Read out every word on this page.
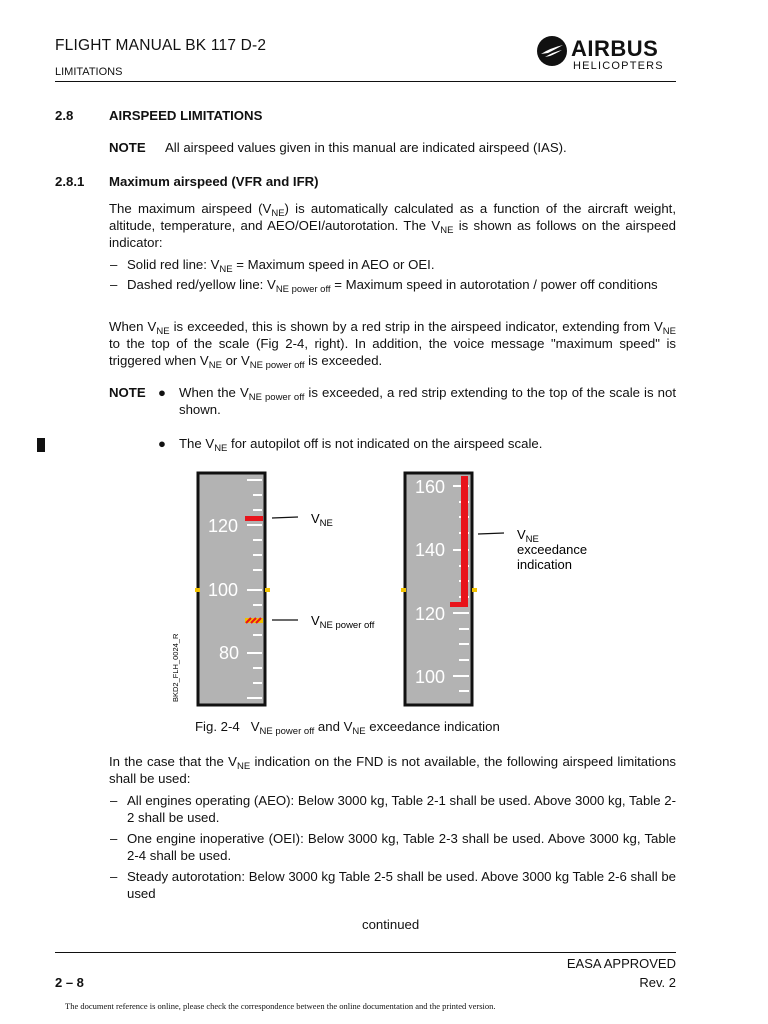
FLIGHT MANUAL BK 117 D-2
LIMITATIONS
AIRBUS
HELICOPTERS
2.8	AIRSPEED LIMITATIONS
NOTE All airspeed values given in this manual are indicated airspeed (IAS).
2.8.1 Maximum airspeed (VFR and IFR)
The maximum airspeed $(V_{NE})$ is automatically calculated as a function of the aircraft weight, altitude, temperature, and AEO/OEI/autorotation. The $V_{NE}$ is shown as follows on the airspeed indicator:
– Solid red line: $V_{NE}$ = Maximum speed in AEO or OEI.
– Dashed red/yellow line: $V_{NE power off}$ = Maximum speed in autorotation / power off conditions
When $V_{NE}$ is exceeded, this is shown by a red strip in the airspeed indicator, extending from $V_{NE}$ to the top of the scale (Fig 2-4, right). In addition, the voice message "maximum speed" is triggered when $V_{NE}$ or $V_{NE power off}$ is exceeded.
NOTE ● When the $V_{NE power off}$ is exceeded, a red strip extending to the top of the scale is not shown.
● The $V_{NE}$ for autopilot off is not indicated on the airspeed scale.
120
100
80
$V_{NE}$
$V_{NE power off}$
BKD2_FLH_0024_R
160
140
120
100
$V_{NE}$
exceedance
indication
Fig. 2-4 $V_{NE power off}$ and $V_{NE}$ exceedance indication
In the case that the $V_{NE}$ indication on the FND is not available, the following airspeed limitations shall be used:
– All engines operating (AEO): Below 3000 kg, Table 2-1 shall be used. Above 3000 kg, Table 2-2 shall be used.
– One engine inoperative (OEI): Below 3000 kg, Table 2-3 shall be used. Above 3000 kg, Table 2-4 shall be used.
– Steady autorotation: Below 3000 kg Table 2-5 shall be used. Above 3000 kg Table 2-6 shall be used
continued
EASA APPROVED
2 – 8	Rev. 2
The document reference is online, please check the correspondence between the online documentation and the printed version.
